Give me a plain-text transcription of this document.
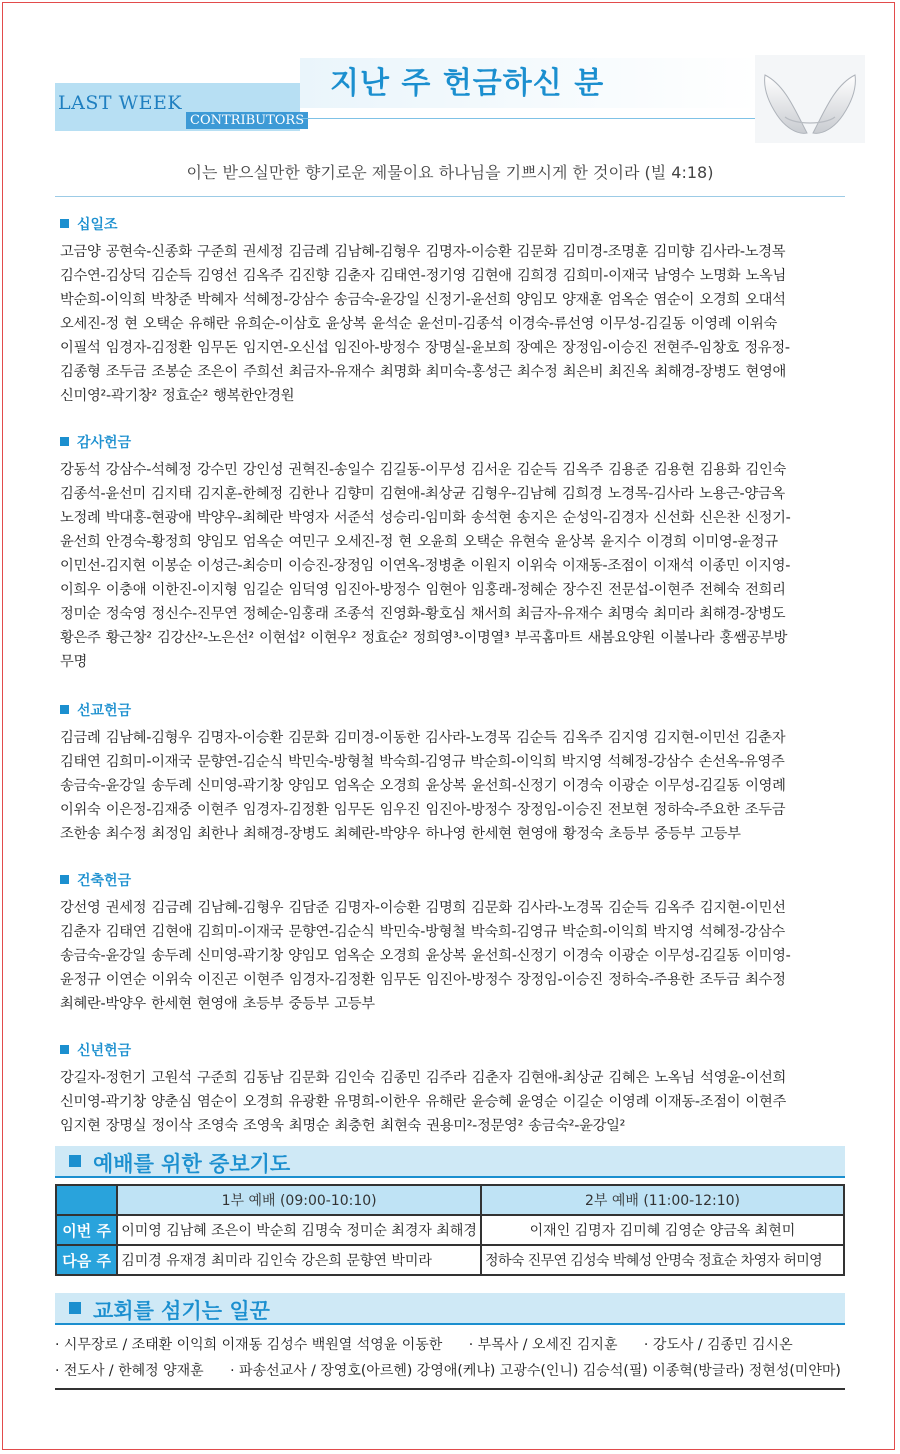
LAST WEEK
CONTRIBUTORS
지난 주 헌금하신 분
이는 받으실만한 향기로운 제물이요 하나님을 기쁘시게 한 것이라 (빌 4:18)
십일조
고금양 공현숙-신종화 구준희 권세정 김금례 김남혜-김형우 김명자-이승환 김문화 김미경-조명훈 김미향 김사라-노경목
김수연-김상덕 김순득 김영선 김옥주 김진향 김춘자 김태연-정기영 김현애 김희경 김희미-이재국 남영수 노명화 노옥님
박순희-이익희 박창준 박혜자 석혜정-강삼수 송금숙-윤강일 신정기-윤선희 양임모 양재훈 엄옥순 염순이 오경희 오대석
오세진-정 현 오택순 유해란 유희순-이삼호 윤상복 윤석순 윤선미-김종석 이경숙-류선영 이무성-김길동 이영례 이위숙
이필석 임경자-김정환 임무돈 임지연-오신섭 임진아-방정수 장명실-윤보희 장예은 장정임-이승진 전현주-임창호 정유정-
김종형 조두금 조봉순 조은이 주희선 최금자-유재수 최명화 최미숙-홍성근 최수정 최은비 최진옥 최해경-장병도 현영애
신미영²-곽기창² 정효순² 행복한안경원
감사헌금
강동석 강삼수-석혜정 강수민 강인성 권혁진-송일수 김길동-이무성 김서운 김순득 김옥주 김용준 김용현 김용화 김인숙
김종석-윤선미 김지태 김지훈-한혜정 김한나 김향미 김현애-최상균 김형우-김남혜 김희경 노경목-김사라 노용근-양금옥
노정례 박대홍-현광애 박양우-최혜란 박영자 서준석 성승리-임미화 송석현 송지은 순성익-김경자 신선화 신은찬 신정기-
윤선희 안경숙-황정희 양임모 엄옥순 여민구 오세진-정 현 오윤희 오택순 유현숙 윤상복 윤지수 이경희 이미영-윤정규
이민선-김지현 이봉순 이성근-최승미 이승진-장정임 이연옥-정병춘 이원지 이위숙 이재동-조점이 이재석 이종민 이지영-
이희우 이충애 이한진-이지형 임길순 임덕영 임진아-방정수 임현아 임홍래-정혜순 장수진 전문섭-이현주 전혜숙 전희리
정미순 정숙영 정신수-진무연 정혜순-임홍래 조종석 진영화-황호심 채서희 최금자-유재수 최명숙 최미라 최해경-장병도
황은주 황근창² 김강산²-노은선² 이현섭² 이현우² 정효순² 정희영³-이명열³ 부곡홈마트 새봄요양원 이불나라 홍쌤공부방
무명
선교헌금
김금례 김남혜-김형우 김명자-이승환 김문화 김미경-이동한 김사라-노경목 김순득 김옥주 김지영 김지현-이민선 김춘자
김태연 김희미-이재국 문향연-김순식 박민숙-방형철 박숙희-김영규 박순희-이익희 박지영 석혜정-강삼수 손선옥-유영주
송금숙-윤강일 송두례 신미영-곽기창 양임모 엄옥순 오경희 윤상복 윤선희-신정기 이경숙 이광순 이무성-김길동 이영례
이위숙 이은정-김재중 이현주 임경자-김정환 임무돈 임우진 임진아-방정수 장정임-이승진 전보현 정하숙-주요한 조두금
조한송 최수정 최정임 최한나 최해경-장병도 최혜란-박양우 하나영 한세현 현영애 황정숙 초등부 중등부 고등부
건축헌금
강선영 권세정 김금례 김남혜-김형우 김담준 김명자-이승환 김명희 김문화 김사라-노경목 김순득 김옥주 김지현-이민선
김춘자 김태연 김현애 김희미-이재국 문향연-김순식 박민숙-방형철 박숙희-김영규 박순희-이익희 박지영 석혜정-강삼수
송금숙-윤강일 송두례 신미영-곽기창 양임모 엄옥순 오경희 윤상복 윤선희-신정기 이경숙 이광순 이무성-김길동 이미영-
윤정규 이연순 이위숙 이진곤 이현주 임경자-김정환 임무돈 임진아-방정수 장정임-이승진 정하숙-주용한 조두금 최수정
최혜란-박양우 한세현 현영애 초등부 중등부 고등부
신년헌금
강길자-정헌기 고원석 구준희 김동남 김문화 김인숙 김종민 김주라 김춘자 김현애-최상균 김혜은 노옥님 석영윤-이선희
신미영-곽기창 양춘심 염순이 오경희 유광환 유명희-이한우 유해란 윤승혜 윤영순 이길순 이영례 이재동-조점이 이현주
임지현 장명실 정이삭 조영숙 조영욱 최명순 최충헌 최현숙 권용미²-정문영² 송금숙²-윤강일²
예배를 위한 중보기도
	1부 예배 (09:00-10:10)	2부 예배 (11:00-12:10)
이번 주	이미영 김남혜 조은이 박순희 김명숙 정미순 최경자 최해경	이재인 김명자 김미혜 김영순 양금옥 최현미
다음 주	김미경 유재경 최미라 김인숙 강은희 문향연 박미라	정하숙 진무연 김성숙 박혜성 안명숙 정효순 차영자 허미영
교회를 섬기는 일꾼
· 시무장로 / 조태환 이익희 이재동 김성수 백원열 석영윤 이동한 · 부목사 / 오세진 김지훈 · 강도사 / 김종민 김시온
· 전도사 / 한혜정 양재훈 · 파송선교사 / 장영호(아르헨) 강영애(케냐) 고광수(인니) 김승석(필) 이종혁(방글라) 정현성(미얀마)
